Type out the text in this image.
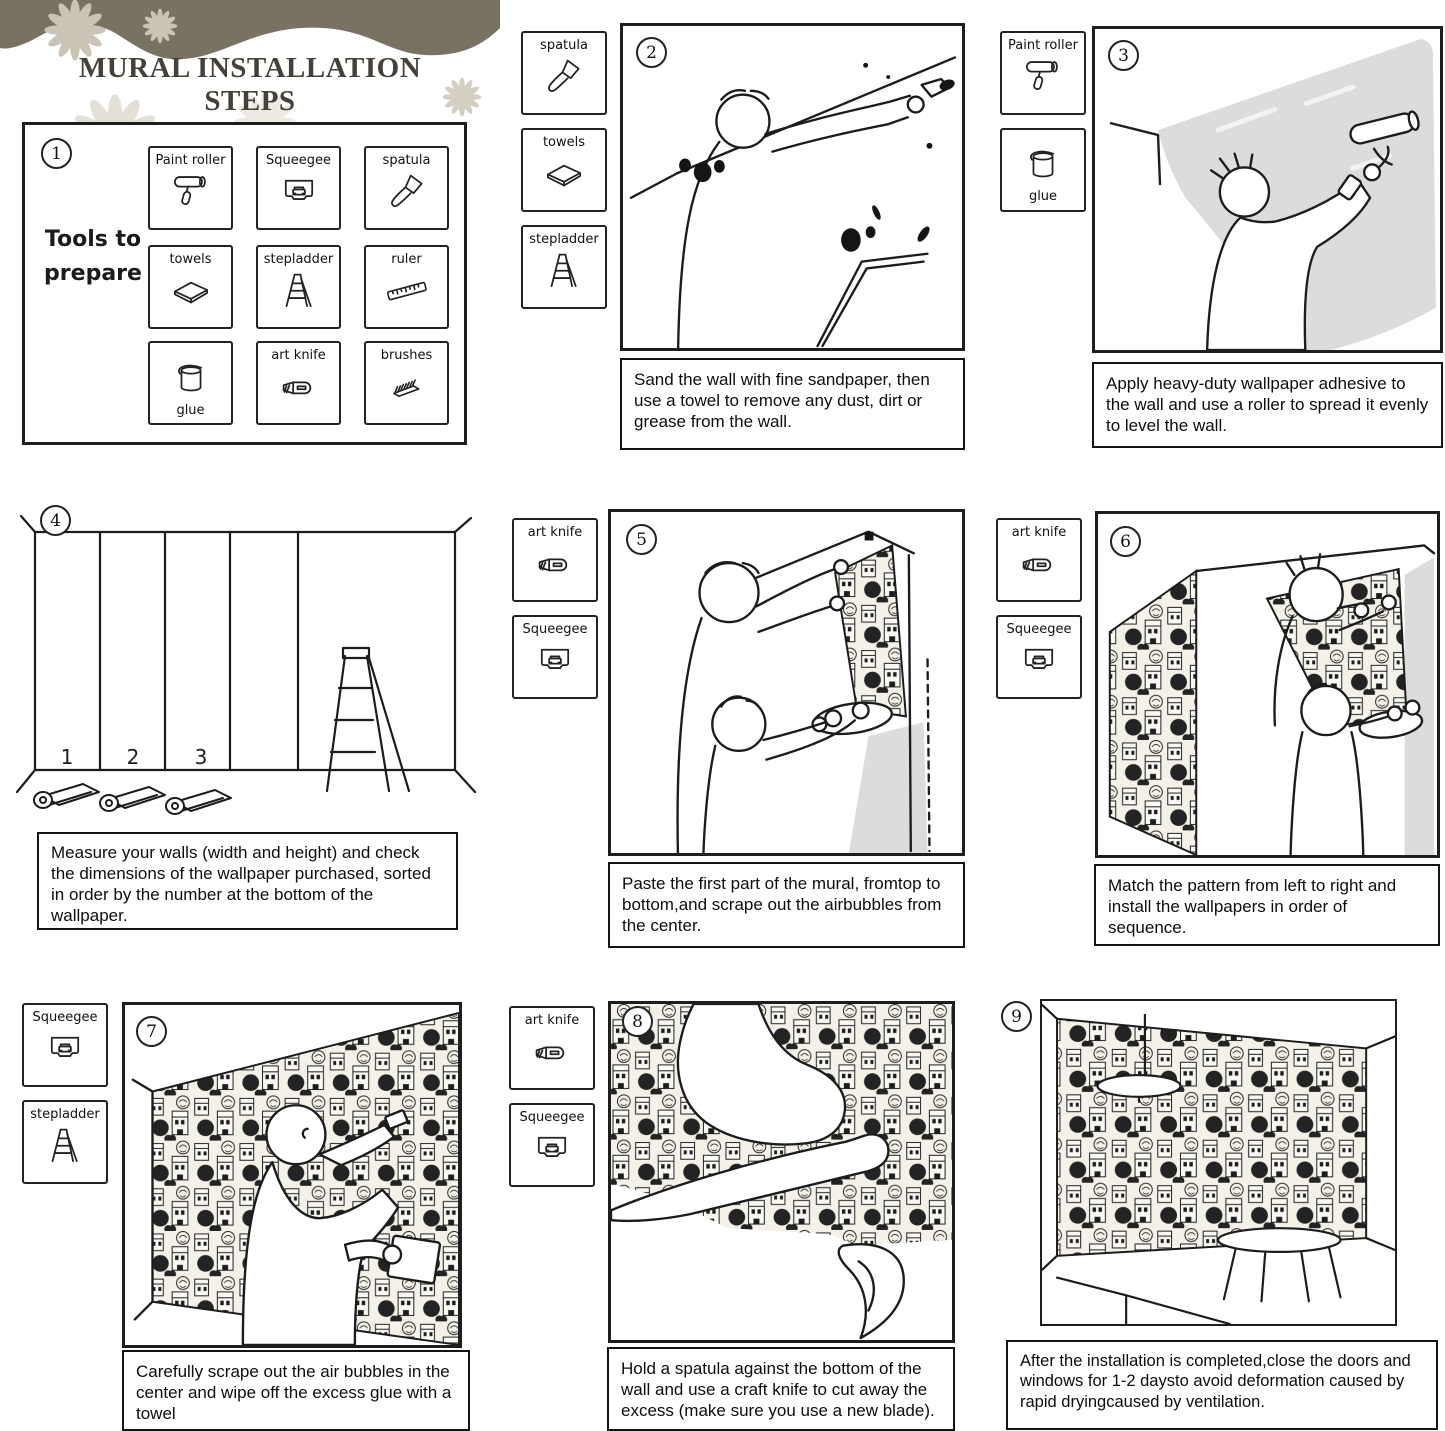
MURAL INSTALLATION STEPS
1
Tools to prepare
Paint roller	Squeegee	spatula
towels	stepladder	ruler
glue
art knife	brushes
spatula
towels
stepladder
2
Sand the wall with fine sandpaper, then use a towel to remove any dust, dirt or grease from the wall.
Paint roller
glue
3
Apply heavy-duty wallpaper adhesive to the wall and use a roller to spread it evenly to level the wall.
4
1	2	3
Measure your walls (width and height) and check the dimensions of the wallpaper purchased, sorted in order by the number at the bottom of the wallpaper.
art knife
Squeegee
5
Paste the first part of the mural, fromtop to bottom,and scrape out the airbubbles from the center.
art knife
Squeegee
6
Match the pattern from left to right and install the wallpapers in order of sequence.
Squeegee
stepladder
7
Carefully scrape out the air bubbles in the center and wipe off the excess glue with a towel
art knife
Squeegee
8
Hold a spatula against the bottom of the wall and use a craft knife to cut away the excess (make sure you use a new blade).
9
After the installation is completed,close the doors and windows for 1-2 daysto avoid deformation caused by rapid dryingcaused by ventilation.
